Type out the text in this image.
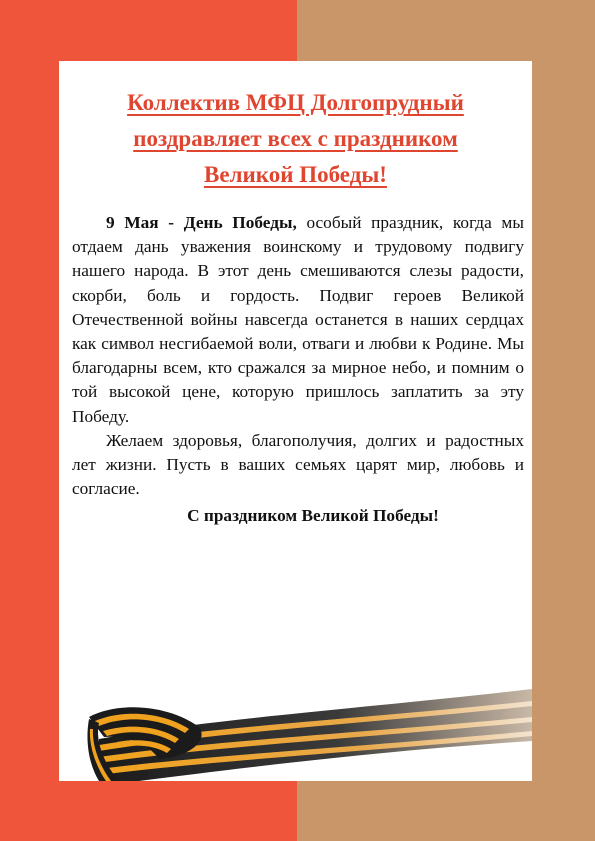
Коллектив МФЦ Долгопрудный
поздравляет всех с праздником
Великой Победы!

9 Мая - День Победы, особый праздник, когда мы отдаем дань уважения воинскому и трудовому подвигу нашего народа. В этот день смешиваются слезы радости, скорби, боль и гордость. Подвиг героев Великой Отечественной войны навсегда останется в наших сердцах как символ несгибаемой воли, отваги и любви к Родине. Мы благодарны всем, кто сражался за мирное небо, и помним о той высокой цене, которую пришлось заплатить за эту Победу.

Желаем здоровья, благополучия, долгих и радостных лет жизни. Пусть в ваших семьях царят мир, любовь и согласие.

С праздником Великой Победы!
